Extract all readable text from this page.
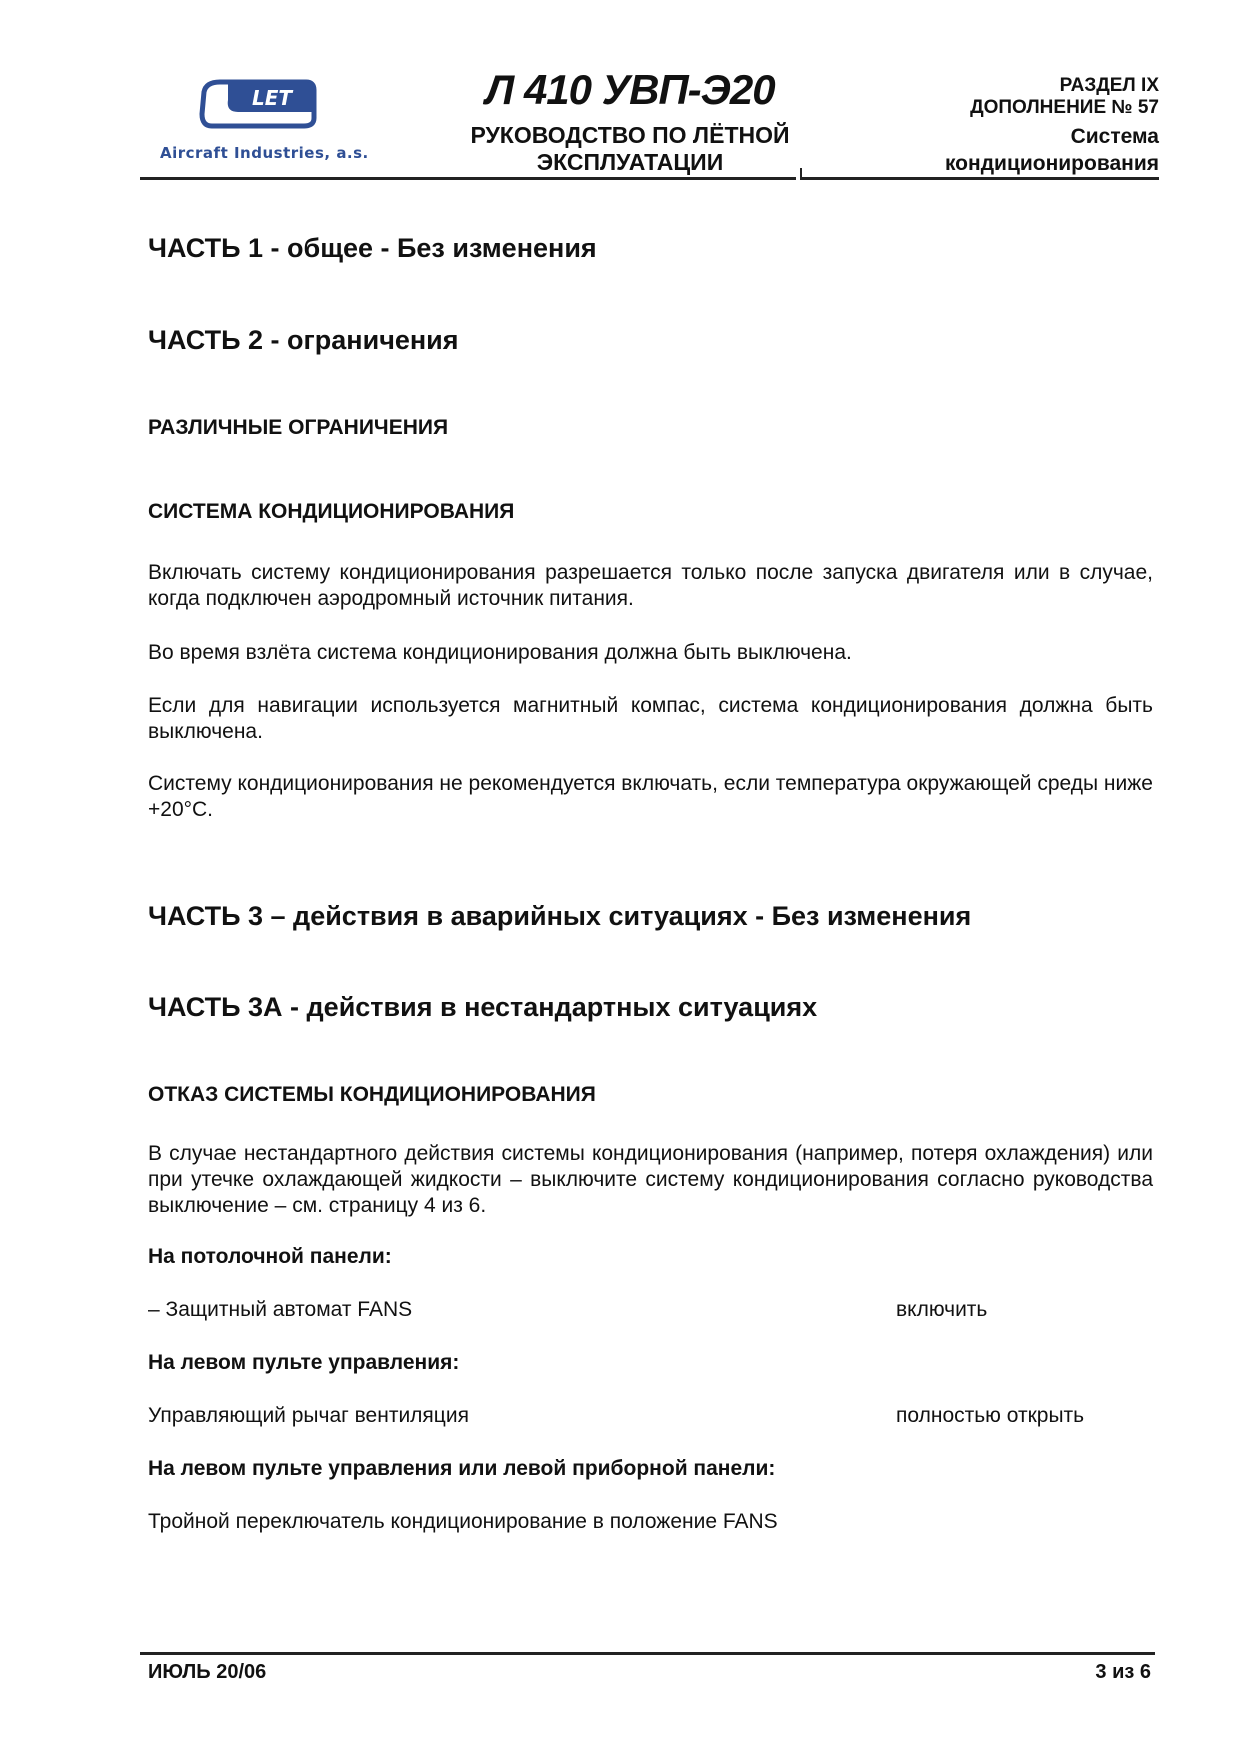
LET
Aircraft Industries, a.s.
Л 410 УВП-Э20
РУКОВОДСТВО ПО ЛЁТНОЙ
ЭКСПЛУАТАЦИИ
РАЗДЕЛ IX
ДОПОЛНЕНИЕ № 57
Система
кондиционирования
ЧАСТЬ 1 - общее - Без изменения
ЧАСТЬ 2 - ограничения
РАЗЛИЧНЫЕ ОГРАНИЧЕНИЯ
СИСТЕМА КОНДИЦИОНИРОВАНИЯ
Включать систему кондиционирования разрешается только после запуска двигателя или в случае, когда подключен аэродромный источник питания.
Во время взлёта система кондиционирования должна быть выключена.
Если для навигации используется магнитный компас, система кондиционирования должна быть выключена.
Систему кондиционирования не рекомендуется включать, если температура окружающей среды ниже +20°С.
ЧАСТЬ 3 – действия в аварийных ситуациях - Без изменения
ЧАСТЬ 3А - действия в нестандартных ситуациях
ОТКАЗ СИСТЕМЫ КОНДИЦИОНИРОВАНИЯ
В случае нестандартного действия системы кондиционирования (например, потеря охлаждения) или при утечке охлаждающей жидкости – выключите систему кондиционирования согласно руководства выключение – см. страницу 4 из 6.
На потолочной панели:
– Защитный автомат FANS	включить
На левом пульте управления:
Управляющий рычаг вентиляция	полностью открыть
На левом пульте управления или левой приборной панели:
Тройной переключатель кондиционирование в положение FANS
ИЮЛЬ 20/06	3 из 6
